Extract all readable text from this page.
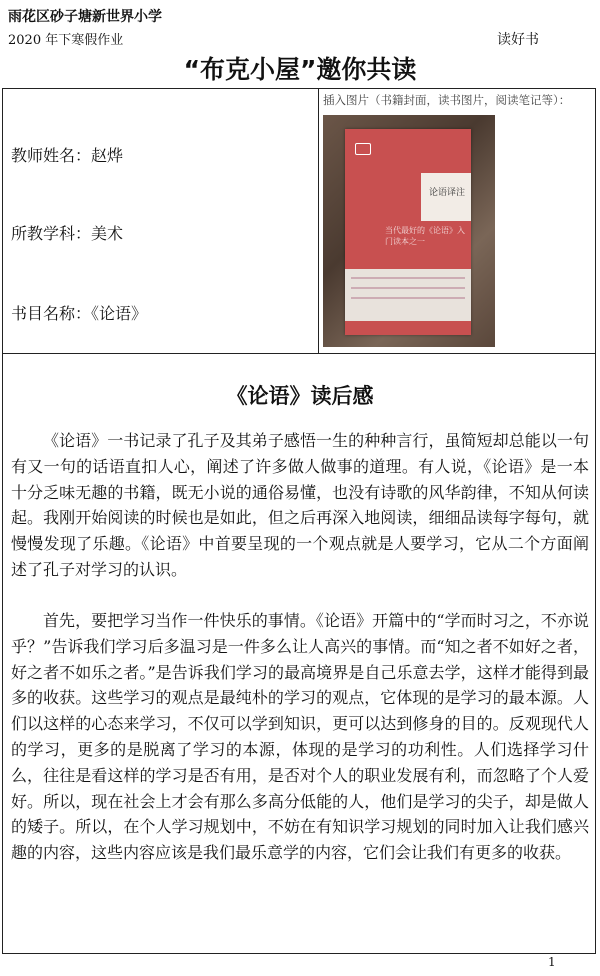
雨花区砂子塘新世界小学
2020 年下寒假作业	读好书
“布克小屋”邀你共读
教师姓名：赵烨
所教学科：美术
书目名称：《论语》
插入图片（书籍封面，读书图片，阅读笔记等）：
论语译注
当代最好的《论语》入门读本之一
《论语》读后感

《论语》一书记录了孔子及其弟子感悟一生的种种言行，虽简短却总能以一句有又一句的话语直扣人心，阐述了许多做人做事的道理。有人说，《论语》是一本十分乏味无趣的书籍，既无小说的通俗易懂，也没有诗歌的风华韵律，不知从何读起。我刚开始阅读的时候也是如此，但之后再深入地阅读，细细品读每字每句，就慢慢发现了乐趣。《论语》中首要呈现的一个观点就是人要学习，它从二个方面阐述了孔子对学习的认识。

首先，要把学习当作一件快乐的事情。《论语》开篇中的“学而时习之，不亦说乎？”告诉我们学习后多温习是一件多么让人高兴的事情。而“知之者不如好之者，好之者不如乐之者。”是告诉我们学习的最高境界是自己乐意去学，这样才能得到最多的收获。这些学习的观点是最纯朴的学习的观点，它体现的是学习的最本源。人们以这样的心态来学习，不仅可以学到知识，更可以达到修身的目的。反观现代人的学习，更多的是脱离了学习的本源，体现的是学习的功利性。人们选择学习什么，往往是看这样的学习是否有用，是否对个人的职业发展有利，而忽略了个人爱好。所以，现在社会上才会有那么多高分低能的人，他们是学习的尖子，却是做人的矮子。所以，在个人学习规划中，不妨在有知识学习规划的同时加入让我们感兴趣的内容，这些内容应该是我们最乐意学的内容，它们会让我们有更多的收获。

1
